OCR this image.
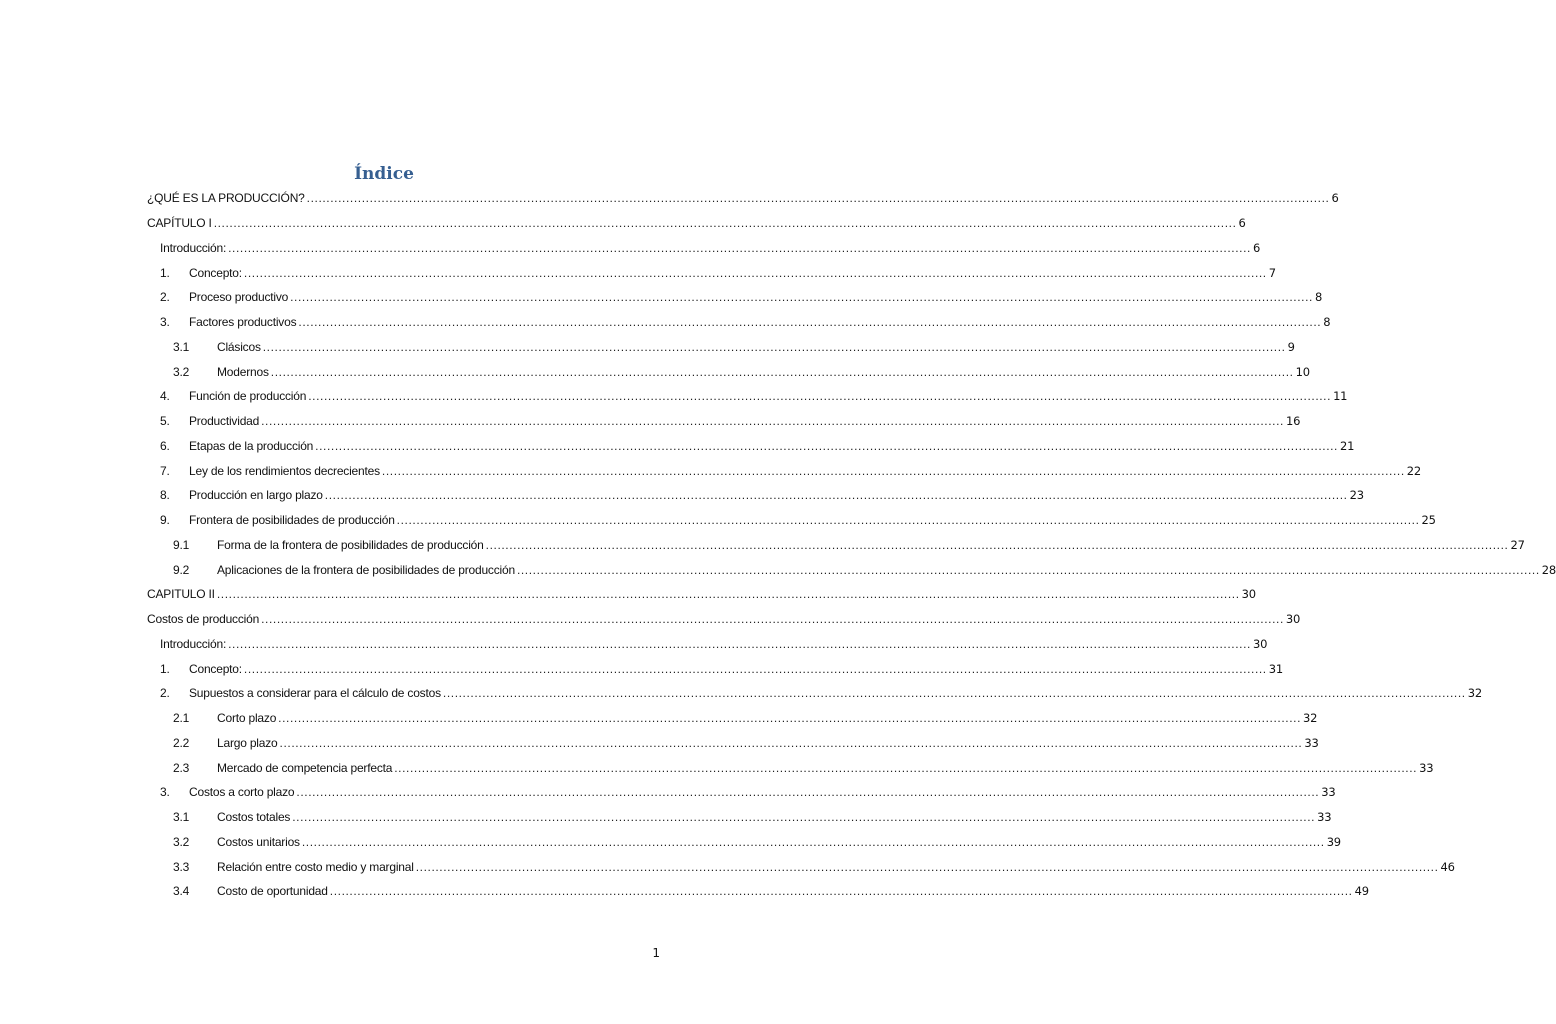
Índice
¿QUÉ ES LA PRODUCCIÓN? .................................................................................................................................................................................................................................................................... 6
CAPÍTULO I .................................................................................................................................................................................................................................................................... 6
Introducción: .................................................................................................................................................................................................................................................................... 6
1.	Concepto: .................................................................................................................................................................................................................................................................... 7
2.	Proceso productivo .................................................................................................................................................................................................................................................................... 8
3.	Factores productivos .................................................................................................................................................................................................................................................................... 8
3.1	Clásicos .................................................................................................................................................................................................................................................................... 9
3.2	Modernos .................................................................................................................................................................................................................................................................... 10
4.	Función de producción .................................................................................................................................................................................................................................................................... 11
5.	Productividad .................................................................................................................................................................................................................................................................... 16
6.	Etapas de la producción .................................................................................................................................................................................................................................................................... 21
7.	Ley de los rendimientos decrecientes .................................................................................................................................................................................................................................................................... 22
8.	Producción en largo plazo .................................................................................................................................................................................................................................................................... 23
9.	Frontera de posibilidades de producción .................................................................................................................................................................................................................................................................... 25
9.1	Forma de la frontera de posibilidades de producción .................................................................................................................................................................................................................................................................... 27
9.2	Aplicaciones de la frontera de posibilidades de producción .................................................................................................................................................................................................................................................................... 28
CAPITULO II .................................................................................................................................................................................................................................................................... 30
Costos de producción .................................................................................................................................................................................................................................................................... 30
Introducción: .................................................................................................................................................................................................................................................................... 30
1.	Concepto: .................................................................................................................................................................................................................................................................... 31
2.	Supuestos a considerar para el cálculo de costos .................................................................................................................................................................................................................................................................... 32
2.1	Corto plazo .................................................................................................................................................................................................................................................................... 32
2.2	Largo plazo .................................................................................................................................................................................................................................................................... 33
2.3	Mercado de competencia perfecta .................................................................................................................................................................................................................................................................... 33
3.	Costos a corto plazo .................................................................................................................................................................................................................................................................... 33
3.1	Costos totales .................................................................................................................................................................................................................................................................... 33
3.2	Costos unitarios .................................................................................................................................................................................................................................................................... 39
3.3	Relación entre costo medio y marginal .................................................................................................................................................................................................................................................................... 46
3.4	Costo de oportunidad .................................................................................................................................................................................................................................................................... 49
1
